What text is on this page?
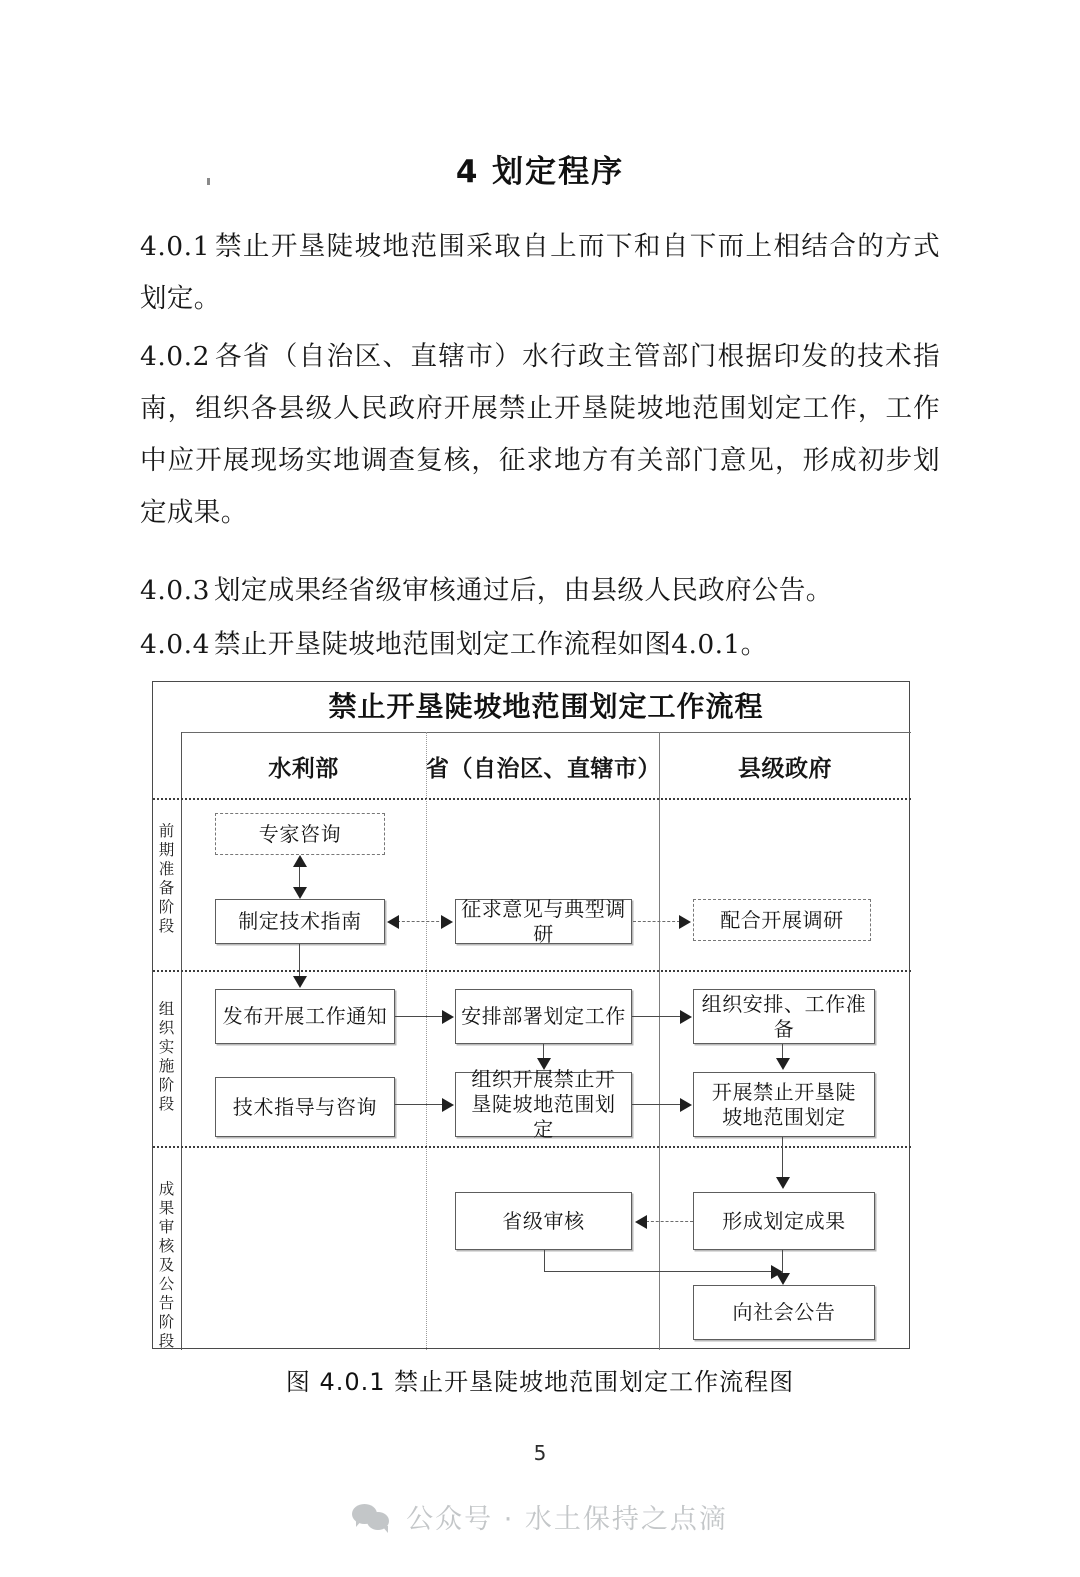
4 划定程序
4.0.1 禁止开垦陡坡地范围采取自上而下和自下而上相结合的方式划定。
4.0.2 各省（自治区、直辖市）水行政主管部门根据印发的技术指南，组织各县级人民政府开展禁止开垦陡坡地范围划定工作，工作中应开展现场实地调查复核，征求地方有关部门意见，形成初步划定成果。
4.0.3 划定成果经省级审核通过后，由县级人民政府公告。
4.0.4 禁止开垦陡坡地范围划定工作流程如图4.0.1。
禁止开垦陡坡地范围划定工作流程
水利部	省（自治区、直辖市）	县级政府
前期准备阶段
组织实施阶段
成果审核及公告阶段
专家咨询
制定技术指南
征求意见与典型调研
配合开展调研
发布开展工作通知	安排部署划定工作
组织安排、工作准备
技术指导与咨询
组织开展禁止开垦陡坡地范围划定
开展禁止开垦陡坡地范围划定
省级审核	形成划定成果
向社会公告
图 4.0.1 禁止开垦陡坡地范围划定工作流程图
5
公众号 · 水土保持之点滴
